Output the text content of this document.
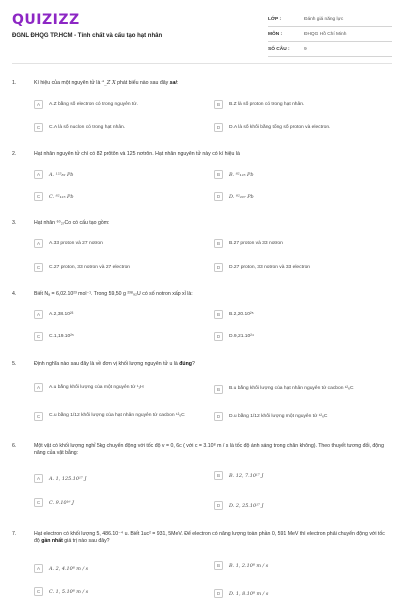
QUIZIZZ
ĐGNL ĐHQG TP.HCM - Tính chất và cấu tạo hạt nhân
LỚP :	Đánh giá năng lực
MÔN :	ĐHQG Hồ Chí Minh
SỐ CÂU :	9
1.	Kí hiệu của một nguyên tử là ᴬ_Z X phát biểu nào sau đây sai:
A	A.Z bằng số electron có trong nguyên tử.	B	B.Z là số proton có trong hạt nhân.
C	C.A là số nuclon có trong hạt nhân.	D	D.A là số khối bằng tổng số proton và electron.
2.	Hạt nhân nguyên tử chì có 82 prôtôn và 125 nơtrôn. Hạt nhân nguyên tử này có kí hiệu là
A	A. ¹²⁵₈₂ Pb	B	B. ⁸²₁₂₅ Pb
C	C. ⁸²₁₂₅ Pb	D	D. ⁸²₂₀₇ Pb
3.	Hạt nhân ⁶⁰₂₇Co có cấu tạo gồm:
A	A.33 proton và 27 notron	B	B.27 proton và 33 notron
C	C.27 proton, 33 notron và 27 electron	D	D.27 proton, 33 notron và 33 electron
4.	Biết Nₐ = 6,02.10²³ mol⁻¹. Trong 59,50 g ²³⁸₉₂U có số notron xấp xỉ là:
A	A.2,38.10²³	B	B.2,20.10²⁵
C	C.1,19.10²⁵	D	D.9,21.10²⁴
5.	Định nghĩa nào sau đây là về đơn vị khối lượng nguyên tử u là đúng?
A	A.u bằng khối lượng của một nguyên tử ¹₁H	B	B.u bằng khối lượng của hạt nhân nguyên tử cacbon ¹²₆C
C	C.u bằng 1/12 khối lượng của hạt nhân nguyên tử cacbon ¹²₆C	D	D.u bằng 1/12 khối lượng một nguyên tử ¹²₆C
6.	Một vật có khối lượng nghỉ 5kg chuyển động với tốc độ v = 0, 6c ( với c = 3.10⁸ m / s là tốc độ ánh sáng trong chân không). Theo thuyết tương đối, động năng của vật bằng:
A	A. 1, 125.10¹⁷ J	B	B. 12, 7.10¹⁷ J
C	C. 9.10¹⁶ J	D	D. 2, 25.10¹⁷ J
7.	Hạt electron có khối lượng 5, 486.10⁻⁴ u. Biết 1uc² = 931, 5MeV. Để electron có năng lượng toàn phần 0, 591 MeV thì electron phải chuyển động với tốc độ gần nhất giá trị nào sau đây?
A	A. 2, 4.10⁸ m / s	B	B. 1, 2.10⁸ m / s
C	C. 1, 5.10⁸ m / s	D	D. 1, 8.10⁸ m / s
